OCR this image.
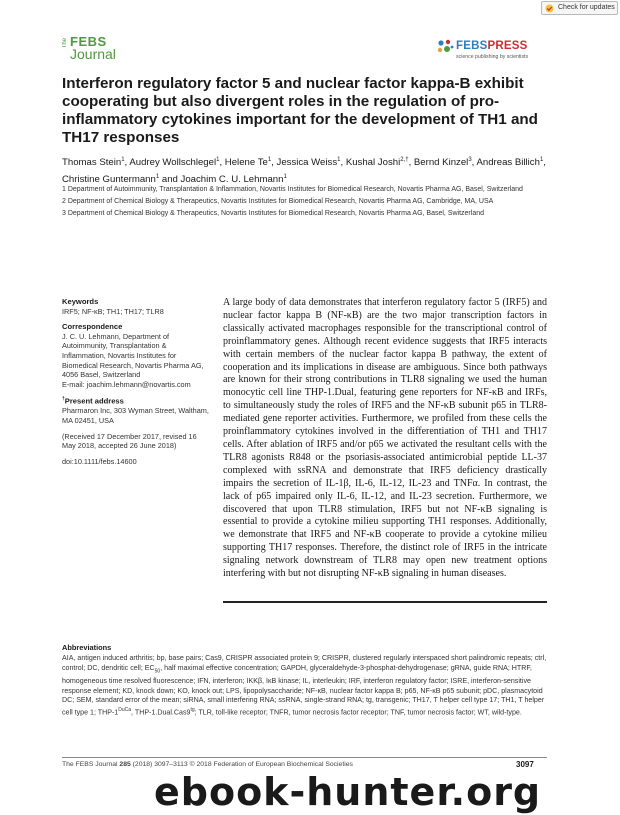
Check for updates
The FEBS
Journal	FEBSPRESS
science publishing by scientists
Interferon regulatory factor 5 and nuclear factor kappa-B exhibit cooperating but also divergent roles in the regulation of pro-inflammatory cytokines important for the development of TH1 and TH17 responses
Thomas Stein$^1$, Audrey Wollschlegel$^1$, Helene Te$^1$, Jessica Weiss$^1$, Kushal Joshi$^{2,\dagger}$, Bernd Kinzel$^3$, Andreas Billich$^1$, Christine Guntermann$^1$ and Joachim C. U. Lehmann$^1$

1 Department of Autoimmunity, Transplantation & Inflammation, Novartis Institutes for Biomedical Research, Novartis Pharma AG, Basel, Switzerland

2 Department of Chemical Biology & Therapeutics, Novartis Institutes for Biomedical Research, Novartis Pharma AG, Cambridge, MA, USA

3 Department of Chemical Biology & Therapeutics, Novartis Institutes for Biomedical Research, Novartis Pharma AG, Basel, Switzerland

Keywords
IRF5; NF-κB; TH1; TH17; TLR8
Correspondence
J. C. U. Lehmann, Department of Autoimmunity, Transplantation & Inflammation, Novartis Institutes for Biomedical Research, Novartis Pharma AG, 4056 Basel, Switzerland
E-mail: joachim.lehmann@novartis.com
†Present address
Pharmaron Inc, 303 Wyman Street, Waltham, MA 02451, USA
(Received 17 December 2017, revised 16 May 2018, accepted 26 June 2018)
doi:10.1111/febs.14600
A large body of data demonstrates that interferon regulatory factor 5 (IRF5) and nuclear factor kappa B (NF-κB) are the two major transcription factors in classically activated macrophages responsible for the transcriptional control of proinflammatory genes. Although recent evidence suggests that IRF5 interacts with certain members of the nuclear factor kappa B pathway, the extent of cooperation and its implications in disease are ambiguous. Since both pathways are known for their strong contributions in TLR8 signaling we used the human monocytic cell line THP-1.Dual, featuring gene reporters for NF-κB and IRFs, to simultaneously study the roles of IRF5 and the NF-κB subunit p65 in TLR8-mediated gene reporter activities. Furthermore, we profiled from these cells the proinflammatory cytokines involved in the differentiation of TH1 and TH17 cells. After ablation of IRF5 and/or p65 we activated the resultant cells with the TLR8 agonists R848 or the psoriasis-associated antimicrobial peptide LL-37 complexed with ssRNA and demonstrate that IRF5 deficiency drastically impairs the secretion of IL-1β, IL-6, IL-12, IL-23 and TNFα. In contrast, the lack of p65 impaired only IL-6, IL-12, and IL-23 secretion. Furthermore, we discovered that upon TLR8 stimulation, IRF5 but not NF-κB signaling is essential to provide a cytokine milieu supporting TH1 responses. Additionally, we demonstrate that IRF5 and NF-κB cooperate to provide a cytokine milieu supporting TH17 responses. Therefore, the distinct role of IRF5 in the intricate signaling network downstream of TLR8 may open new treatment options interfering with but not disrupting NF-κB signaling in human diseases.
Abbreviations
AIA, antigen induced arthritis; bp, base pairs; Cas9, CRISPR associated protein 9; CRISPR, clustered regularly interspaced short palindromic repeats; ctrl, control; DC, dendritic cell; $EC_{50}$, half maximal effective concentration; GAPDH, glyceraldehyde-3-phosphat-dehydrogenase; gRNA, guide RNA; HTRF, homogeneous time resolved fluorescence; IFN, interferon; IKKβ, IκB kinase; IL, interleukin; IRF, interferon regulatory factor; ISRE, interferon-sensitive response element; KD, knock down; KO, knock out; LPS, lipopolysaccharide; NF-κB, nuclear factor kappa B; p65, NF-κB p65 subunit; pDC, plasmacytoid DC; SEM, standard error of the mean; siRNA, small interfering RNA; ssRNA, single-strand RNA; tg, transgenic; TH17, T helper cell type 17; TH1, T helper cell type 1; THP-$1^{DuCa}$, THP-$1.Dual.Cas9^{tg}$; TLR, toll-like receptor; TNFR, tumor necrosis factor receptor; TNF, tumor necrosis factor; WT, wild-type.
The FEBS Journal 285 (2018) 3097–3113 © 2018 Federation of European Biochemical Societies	3097
ebook-hunter.org
